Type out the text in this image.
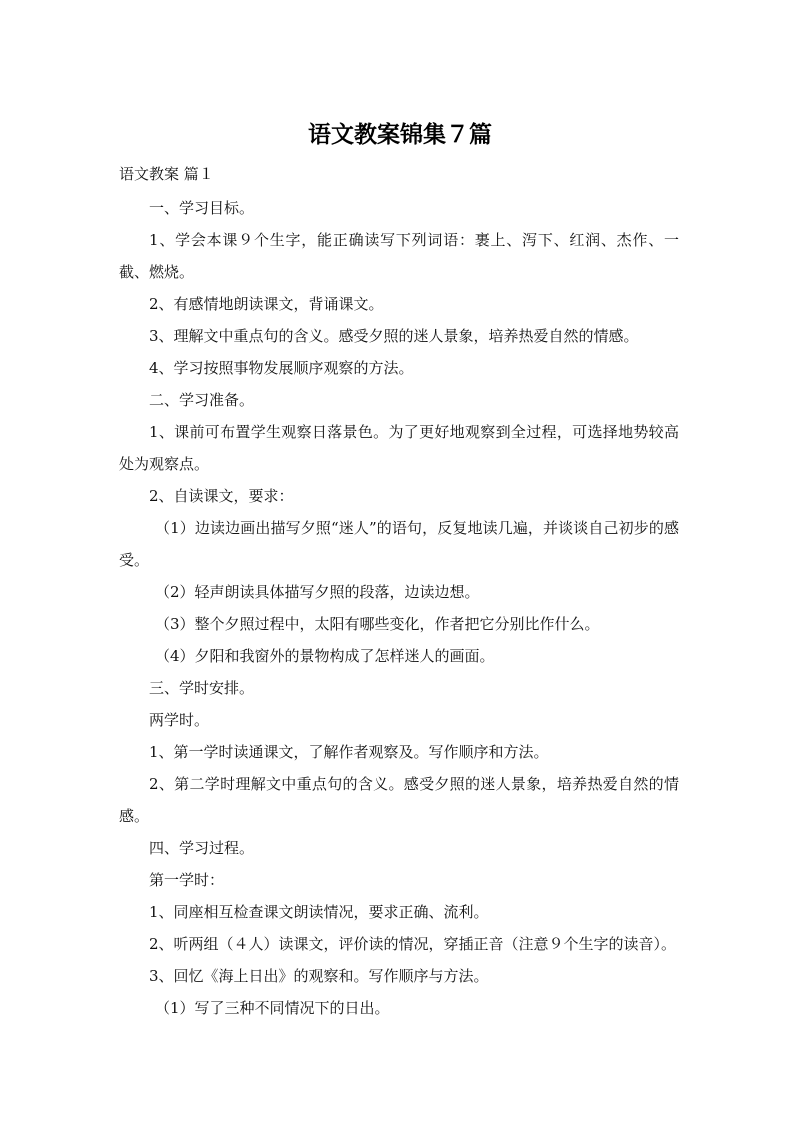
语文教案锦集７篇
语文教案 篇１
一、学习目标。
1、学会本课９个生字，能正确读写下列词语：裹上、泻下、红润、杰作、一截、燃烧。
2、有感情地朗读课文，背诵课文。
3、理解文中重点句的含义。感受夕照的迷人景象，培养热爱自然的情感。
4、学习按照事物发展顺序观察的方法。
二、学习准备。
1、课前可布置学生观察日落景色。为了更好地观察到全过程，可选择地势较高处为观察点。
2、自读课文，要求：
（1）边读边画出描写夕照“迷人”的语句，反复地读几遍，并谈谈自己初步的感受。
（2）轻声朗读具体描写夕照的段落，边读边想。
（3）整个夕照过程中，太阳有哪些变化，作者把它分别比作什么。
（4）夕阳和我窗外的景物构成了怎样迷人的画面。
三、学时安排。
两学时。
1、第一学时读通课文，了解作者观察及。写作顺序和方法。
2、第二学时理解文中重点句的含义。感受夕照的迷人景象，培养热爱自然的情感。
四、学习过程。
第一学时：
1、同座相互检查课文朗读情况，要求正确、流利。
2、听两组（４人）读课文，评价读的情况，穿插正音（注意９个生字的读音）。
3、回忆《海上日出》的观察和。写作顺序与方法。
（1）写了三种不同情况下的日出。
